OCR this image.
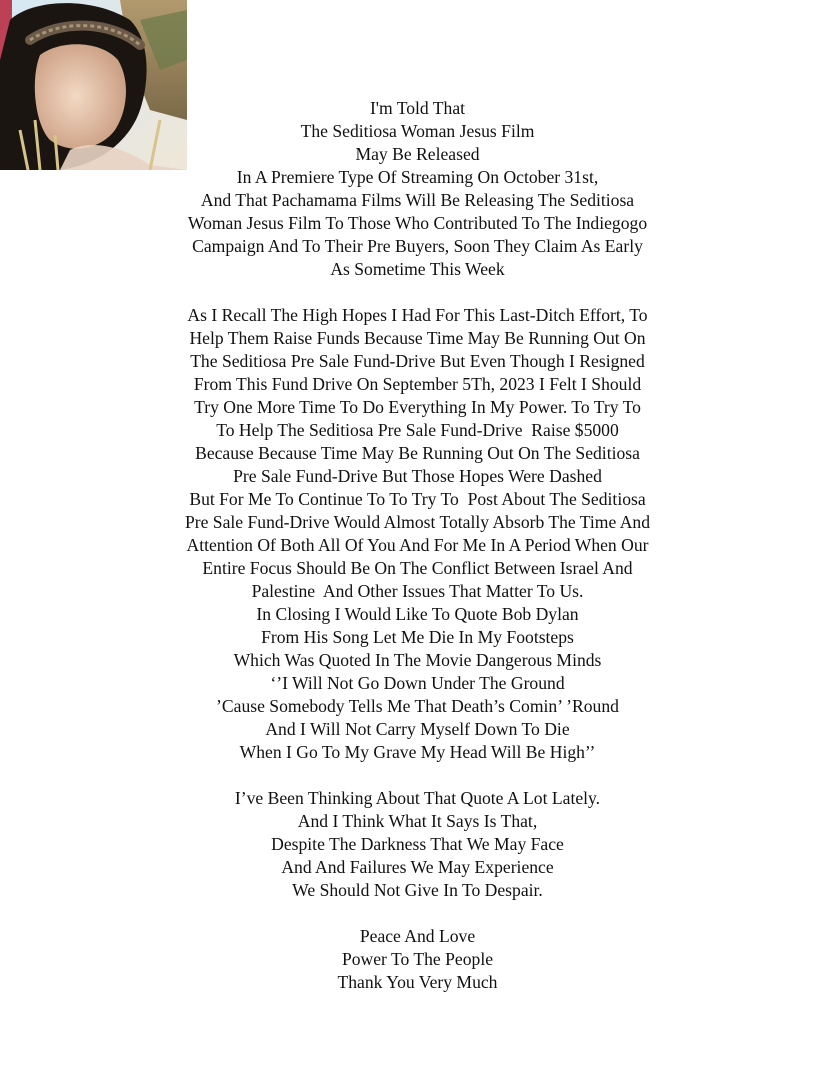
I'm Told That
The Seditiosa Woman Jesus Film
May Be Released
In A Premiere Type Of Streaming On October 31st,
And That Pachamama Films Will Be Releasing The Seditiosa
Woman Jesus Film To Those Who Contributed To The Indiegogo
Campaign And To Their Pre Buyers, Soon They Claim As Early
As Sometime This Week
As I Recall The High Hopes I Had For This Last-Ditch Effort, To
Help Them Raise Funds Because Time May Be Running Out On
The Seditiosa Pre Sale Fund-Drive But Even Though I Resigned
From This Fund Drive On September 5Th, 2023 I Felt I Should
Try One More Time To Do Everything In My Power. To Try To
To Help The Seditiosa Pre Sale Fund-Drive  Raise $5000
Because Because Time May Be Running Out On The Seditiosa
Pre Sale Fund-Drive But Those Hopes Were Dashed
But For Me To Continue To To Try To  Post About The Seditiosa
Pre Sale Fund-Drive Would Almost Totally Absorb The Time And
Attention Of Both All Of You And For Me In A Period When Our
Entire Focus Should Be On The Conflict Between Israel And
Palestine  And Other Issues That Matter To Us.
In Closing I Would Like To Quote Bob Dylan
From His Song Let Me Die In My Footsteps
Which Was Quoted In The Movie Dangerous Minds
‘’I Will Not Go Down Under The Ground
’Cause Somebody Tells Me That Death’s Comin’ ’Round
And I Will Not Carry Myself Down To Die
When I Go To My Grave My Head Will Be High’’
I’ve Been Thinking About That Quote A Lot Lately.
And I Think What It Says Is That,
Despite The Darkness That We May Face
And And Failures We May Experience
We Should Not Give In To Despair.
Peace And Love
Power To The People
Thank You Very Much
